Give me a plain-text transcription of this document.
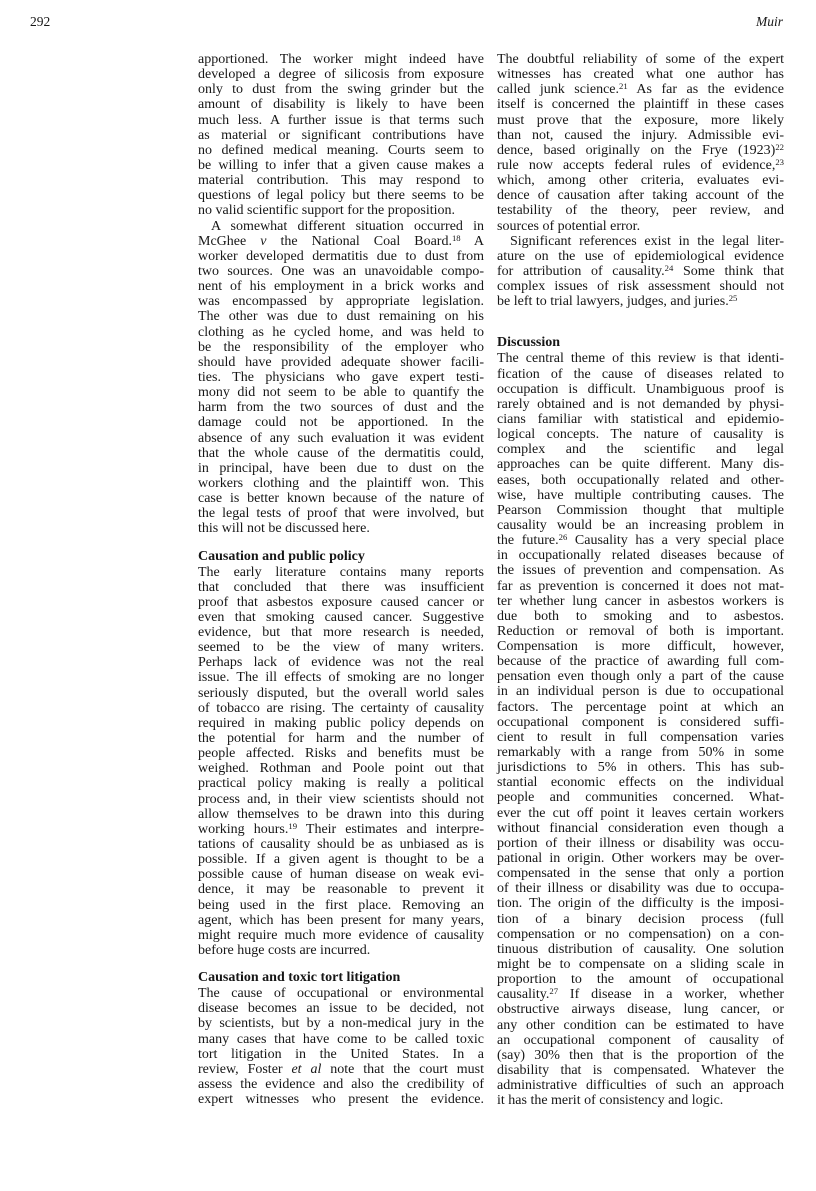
292	Muir
apportioned. The worker might indeed have
developed a degree of silicosis from exposure
only to dust from the swing grinder but the
amount of disability is likely to have been
much less. A further issue is that terms such
as material or significant contributions have
no defined medical meaning. Courts seem to
be willing to infer that a given cause makes a
material contribution. This may respond to
questions of legal policy but there seems to be
no valid scientific support for the proposition.
A somewhat different situation occurred in
McGhee v the National Coal Board.$^{18}$ A
worker developed dermatitis due to dust from
two sources. One was an unavoidable compo-
nent of his employment in a brick works and
was encompassed by appropriate legislation.
The other was due to dust remaining on his
clothing as he cycled home, and was held to
be the responsibility of the employer who
should have provided adequate shower facili-
ties. The physicians who gave expert testi-
mony did not seem to be able to quantify the
harm from the two sources of dust and the
damage could not be apportioned. In the
absence of any such evaluation it was evident
that the whole cause of the dermatitis could,
in principal, have been due to dust on the
workers clothing and the plaintiff won. This
case is better known because of the nature of
the legal tests of proof that were involved, but
this will not be discussed here.
Causation and public policy
The early literature contains many reports
that concluded that there was insufficient
proof that asbestos exposure caused cancer or
even that smoking caused cancer. Suggestive
evidence, but that more research is needed,
seemed to be the view of many writers.
Perhaps lack of evidence was not the real
issue. The ill effects of smoking are no longer
seriously disputed, but the overall world sales
of tobacco are rising. The certainty of causality
required in making public policy depends on
the potential for harm and the number of
people affected. Risks and benefits must be
weighed. Rothman and Poole point out that
practical policy making is really a political
process and, in their view scientists should not
allow themselves to be drawn into this during
working hours.$^{19}$ Their estimates and interpre-
tations of causality should be as unbiased as is
possible. If a given agent is thought to be a
possible cause of human disease on weak evi-
dence, it may be reasonable to prevent it
being used in the first place. Removing an
agent, which has been present for many years,
might require much more evidence of causality
before huge costs are incurred.
Causation and toxic tort litigation
The cause of occupational or environmental
disease becomes an issue to be decided, not
by scientists, but by a non-medical jury in the
many cases that have come to be called toxic
tort litigation in the United States. In a
review, Foster et al note that the court must
assess the evidence and also the credibility of
expert witnesses who present the evidence.
The doubtful reliability of some of the expert
witnesses has created what one author has
called junk science.$^{21}$ As far as the evidence
itself is concerned the plaintiff in these cases
must prove that the exposure, more likely
than not, caused the injury. Admissible evi-
dence, based originally on the Frye $(1923)^{22}$
rule now accepts federal rules of evidence,$^{23}$
which, among other criteria, evaluates evi-
dence of causation after taking account of the
testability of the theory, peer review, and
sources of potential error.
Significant references exist in the legal liter-
ature on the use of epidemiological evidence
for attribution of causality.$^{24}$ Some think that
complex issues of risk assessment should not
be left to trial lawyers, judges, and juries.$^{25}$
Discussion
The central theme of this review is that identi-
fication of the cause of diseases related to
occupation is difficult. Unambiguous proof is
rarely obtained and is not demanded by physi-
cians familiar with statistical and epidemio-
logical concepts. The nature of causality is
complex and the scientific and legal
approaches can be quite different. Many dis-
eases, both occupationally related and other-
wise, have multiple contributing causes. The
Pearson Commission thought that multiple
causality would be an increasing problem in
the future.$^{26}$ Causality has a very special place
in occupationally related diseases because of
the issues of prevention and compensation. As
far as prevention is concerned it does not mat-
ter whether lung cancer in asbestos workers is
due both to smoking and to asbestos.
Reduction or removal of both is important.
Compensation is more difficult, however,
because of the practice of awarding full com-
pensation even though only a part of the cause
in an individual person is due to occupational
factors. The percentage point at which an
occupational component is considered suffi-
cient to result in full compensation varies
remarkably with a range from 50% in some
jurisdictions to 5% in others. This has sub-
stantial economic effects on the individual
people and communities concerned. What-
ever the cut off point it leaves certain workers
without financial consideration even though a
portion of their illness or disability was occu-
pational in origin. Other workers may be over-
compensated in the sense that only a portion
of their illness or disability was due to occupa-
tion. The origin of the difficulty is the imposi-
tion of a binary decision process (full
compensation or no compensation) on a con-
tinuous distribution of causality. One solution
might be to compensate on a sliding scale in
proportion to the amount of occupational
causality.$^{27}$ If disease in a worker, whether
obstructive airways disease, lung cancer, or
any other condition can be estimated to have
an occupational component of causality of
(say) 30% then that is the proportion of the
disability that is compensated. Whatever the
administrative difficulties of such an approach
it has the merit of consistency and logic.
